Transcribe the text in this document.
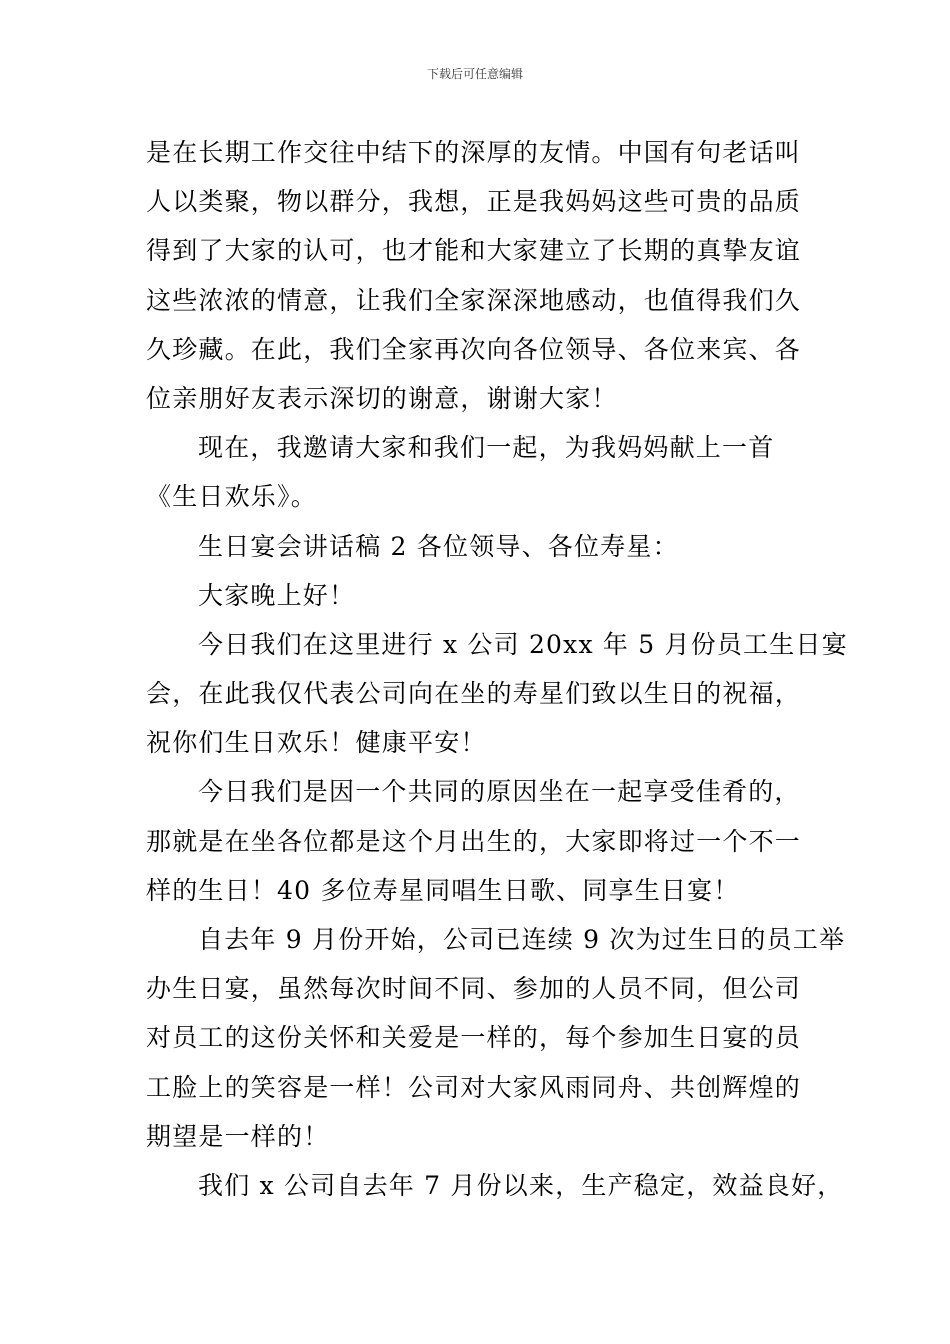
下载后可任意编辑
是在长期工作交往中结下的深厚的友情。中国有句老话叫
人以类聚，物以群分，我想，正是我妈妈这些可贵的品质
得到了大家的认可，也才能和大家建立了长期的真挚友谊
这些浓浓的情意，让我们全家深深地感动，也值得我们久
久珍藏。在此，我们全家再次向各位领导、各位来宾、各
位亲朋好友表示深切的谢意，谢谢大家！
现在，我邀请大家和我们一起，为我妈妈献上一首
《生日欢乐》。
生日宴会讲话稿 2 各位领导、各位寿星：
大家晚上好！
今日我们在这里进行 x 公司 20xx 年 5 月份员工生日宴
会，在此我仅代表公司向在坐的寿星们致以生日的祝福，
祝你们生日欢乐！健康平安！
今日我们是因一个共同的原因坐在一起享受佳肴的，
那就是在坐各位都是这个月出生的，大家即将过一个不一
样的生日！40 多位寿星同唱生日歌、同享生日宴！
自去年 9 月份开始，公司已连续 9 次为过生日的员工举
办生日宴，虽然每次时间不同、参加的人员不同，但公司
对员工的这份关怀和关爱是一样的，每个参加生日宴的员
工脸上的笑容是一样！公司对大家风雨同舟、共创辉煌的
期望是一样的！
我们 x 公司自去年 7 月份以来，生产稳定，效益良好，
